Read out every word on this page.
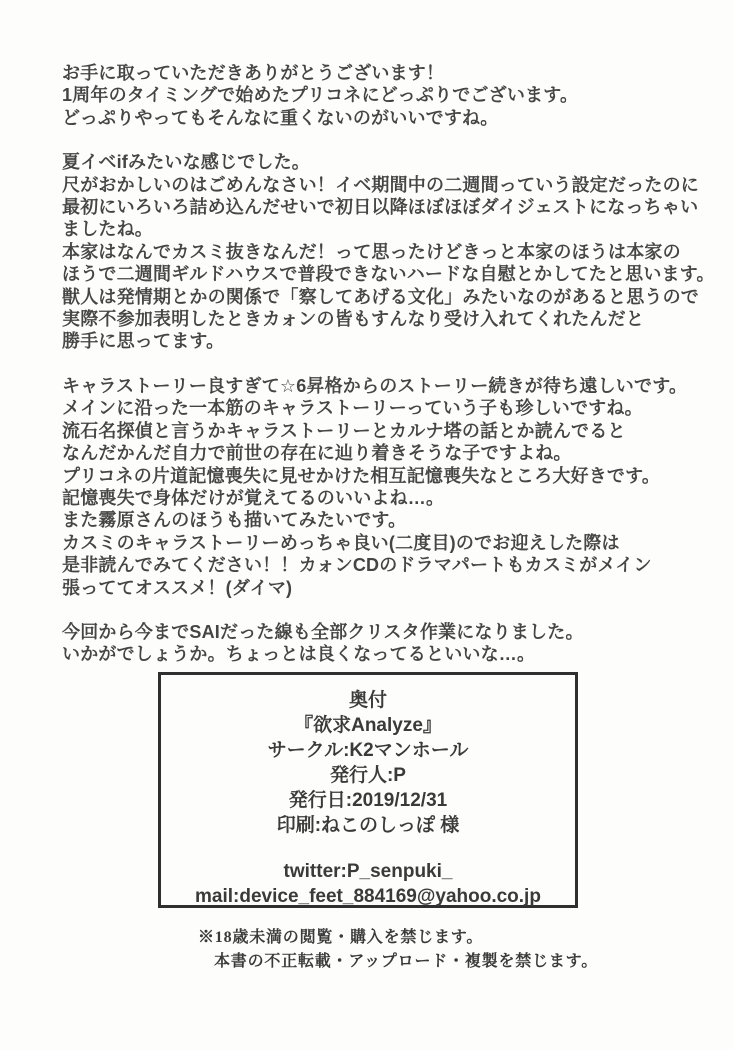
お手に取っていただきありがとうございます！
1周年のタイミングで始めたプリコネにどっぷりでございます。
どっぷりやってもそんなに重くないのがいいですね。
夏イベifみたいな感じでした。
尺がおかしいのはごめんなさい！イベ期間中の二週間っていう設定だったのに
最初にいろいろ詰め込んだせいで初日以降ほぼほぼダイジェストになっちゃい
ましたね。
本家はなんでカスミ抜きなんだ！って思ったけどきっと本家のほうは本家の
ほうで二週間ギルドハウスで普段できないハードな自慰とかしてたと思います。
獣人は発情期とかの関係で「察してあげる文化」みたいなのがあると思うので
実際不参加表明したときカォンの皆もすんなり受け入れてくれたんだと
勝手に思ってます。
キャラストーリー良すぎて☆6昇格からのストーリー続きが待ち遠しいです。
メインに沿った一本筋のキャラストーリーっていう子も珍しいですね。
流石名探偵と言うかキャラストーリーとカルナ塔の話とか読んでると
なんだかんだ自力で前世の存在に辿り着きそうな子ですよね。
プリコネの片道記憶喪失に見せかけた相互記憶喪失なところ大好きです。
記憶喪失で身体だけが覚えてるのいいよね…。
また霧原さんのほうも描いてみたいです。
カスミのキャラストーリーめっちゃ良い(二度目)のでお迎えした際は
是非読んでみてください！！カォンCDのドラマパートもカスミがメイン
張っててオススメ！(ダイマ)
今回から今までSAIだった線も全部クリスタ作業になりました。
いかがでしょうか。ちょっとは良くなってるといいな…。
奥付
『欲求Analyze』
サークル:K2マンホール
発行人:P
発行日:2019/12/31
印刷:ねこのしっぽ 様
twitter:P_senpuki_
mail:device_feet_884169@yahoo.co.jp
※18歳未満の閲覧・購入を禁じます。
本書の不正転載・アップロード・複製を禁じます。
